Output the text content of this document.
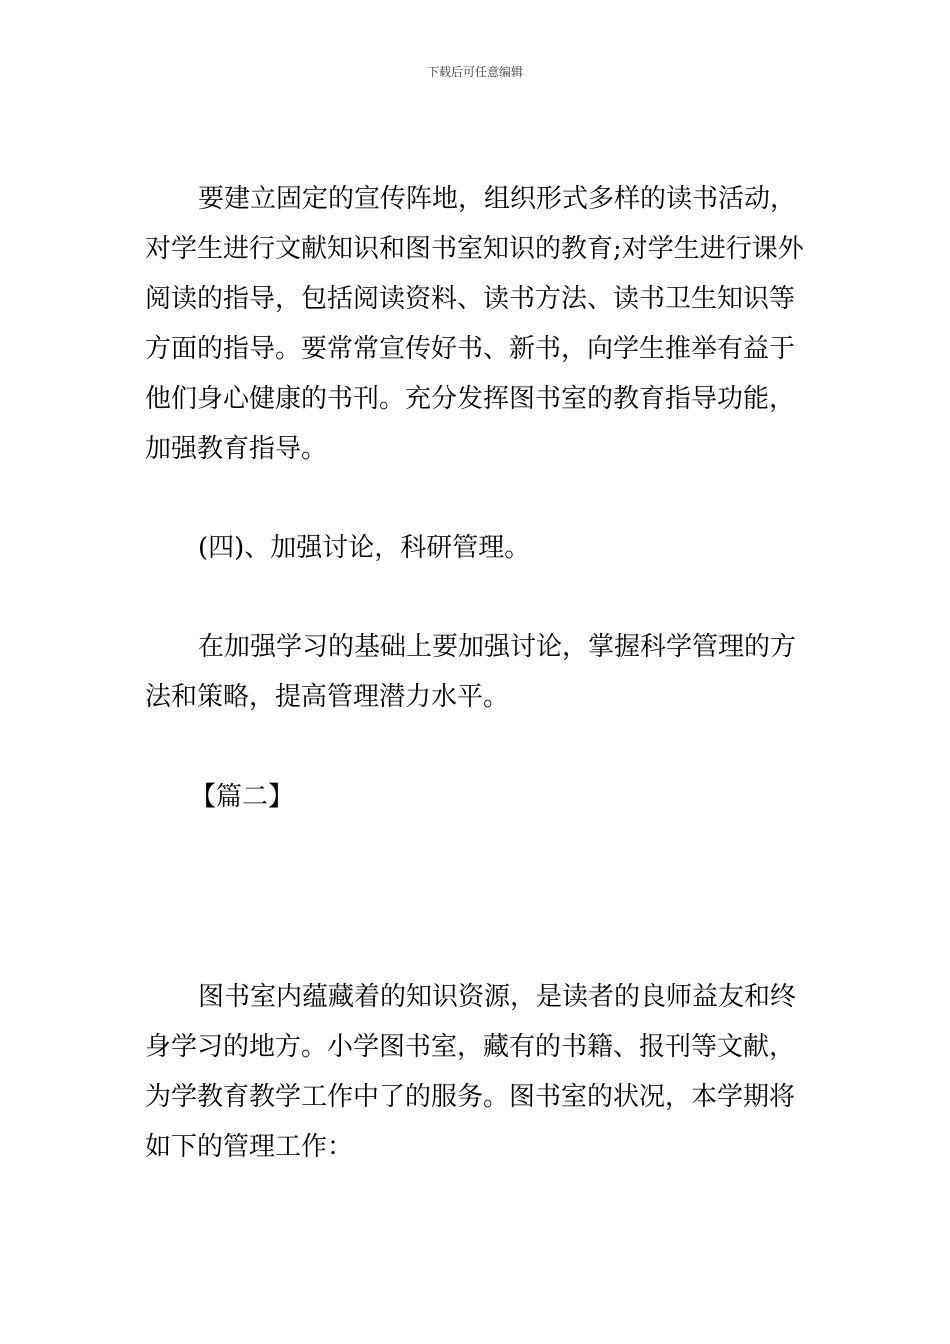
下载后可任意编辑
要建立固定的宣传阵地，组织形式多样的读书活动，
对学生进行文献知识和图书室知识的教育;对学生进行课外
阅读的指导，包括阅读资料、读书方法、读书卫生知识等
方面的指导。要常常宣传好书、新书，向学生推举有益于
他们身心健康的书刊。充分发挥图书室的教育指导功能，
加强教育指导。
(四)、加强讨论，科研管理。
在加强学习的基础上要加强讨论，掌握科学管理的方
法和策略，提高管理潜力水平。
【篇二】
图书室内蕴藏着的知识资源，是读者的良师益友和终
身学习的地方。小学图书室，藏有的书籍、报刊等文献，
为学教育教学工作中了的服务。图书室的状况，本学期将
如下的管理工作：
